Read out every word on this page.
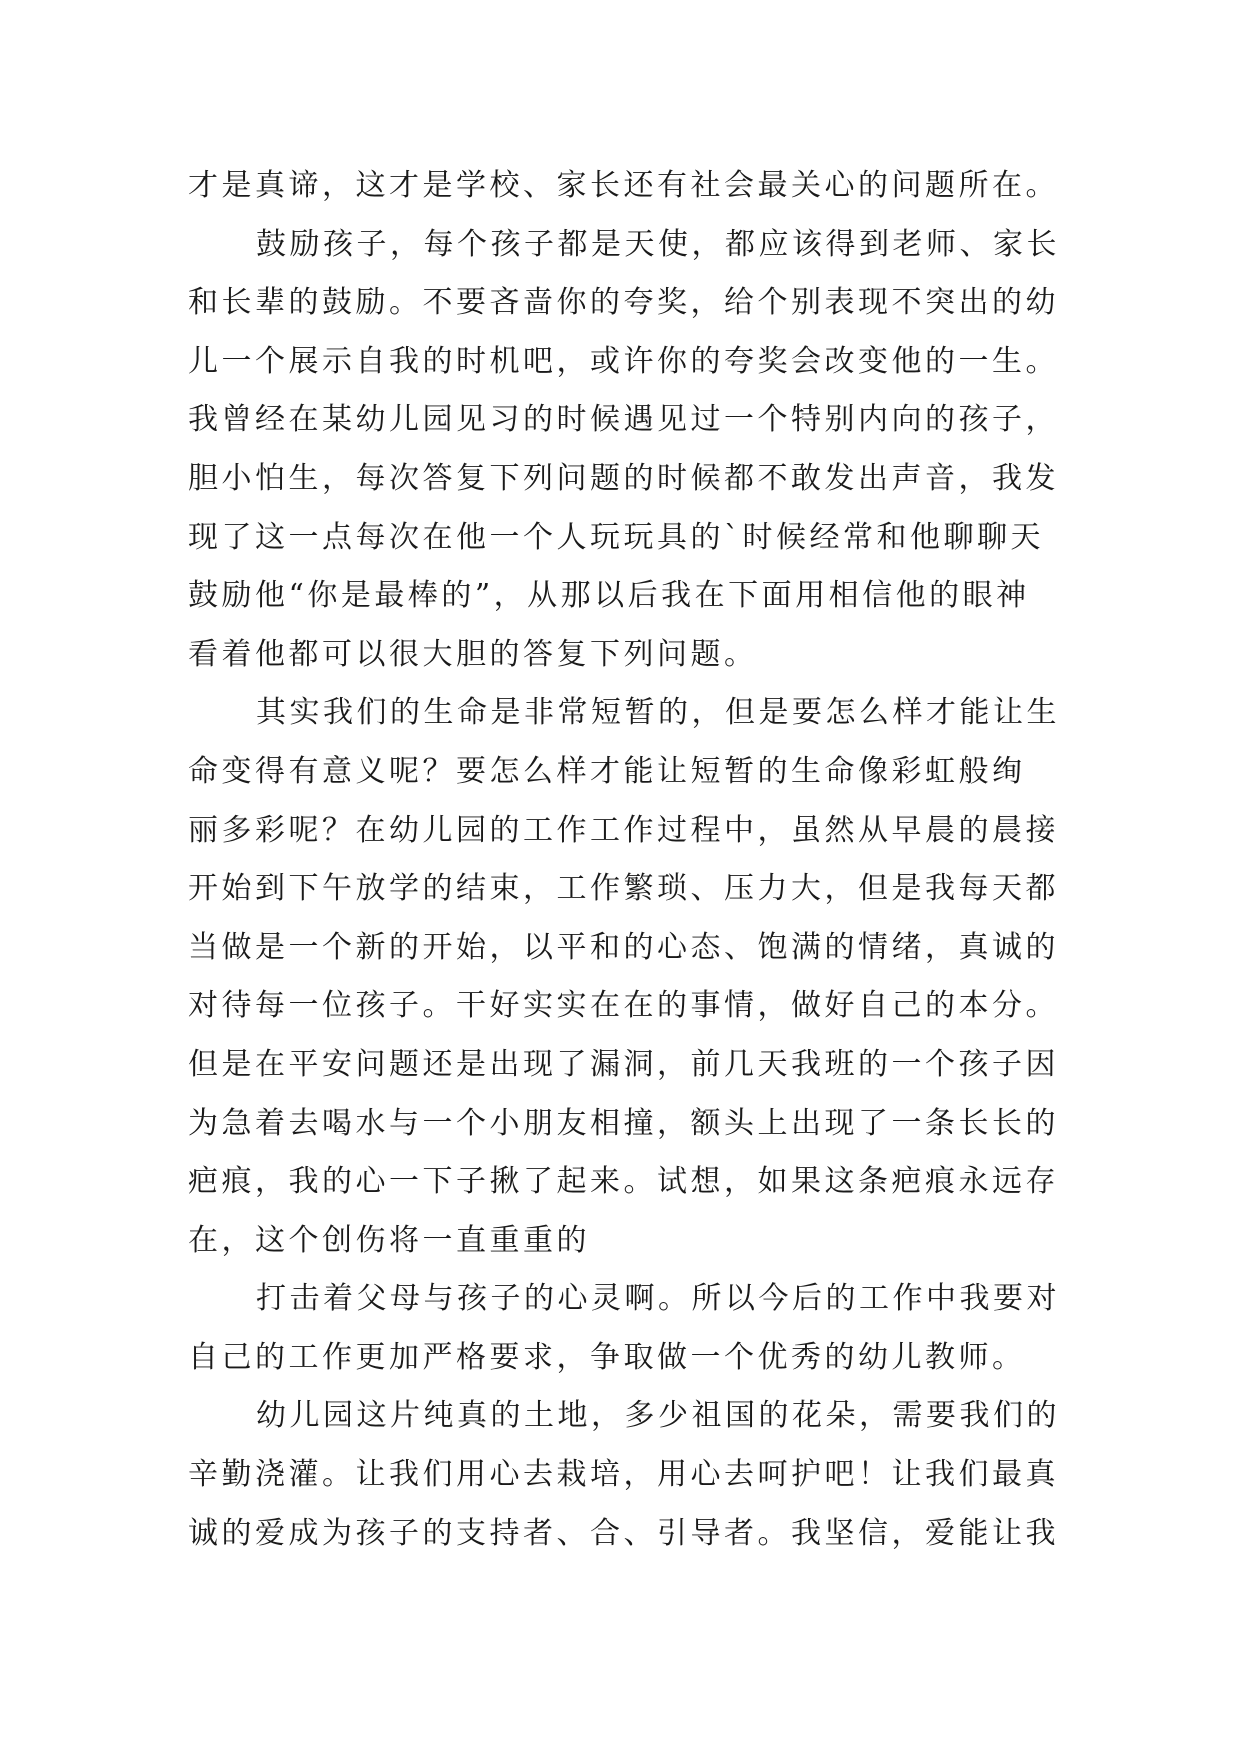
才是真谛，这才是学校、家长还有社会最关心的问题所在。
鼓励孩子，每个孩子都是天使，都应该得到老师、家长
和长辈的鼓励。不要吝啬你的夸奖，给个别表现不突出的幼
儿一个展示自我的时机吧，或许你的夸奖会改变他的一生。
我曾经在某幼儿园见习的时候遇见过一个特别内向的孩子，
胆小怕生，每次答复下列问题的时候都不敢发出声音，我发
现了这一点每次在他一个人玩玩具的`时候经常和他聊聊天
鼓励他“你是最棒的”，从那以后我在下面用相信他的眼神
看着他都可以很大胆的答复下列问题。
其实我们的生命是非常短暂的，但是要怎么样才能让生
命变得有意义呢？要怎么样才能让短暂的生命像彩虹般绚
丽多彩呢？在幼儿园的工作工作过程中，虽然从早晨的晨接
开始到下午放学的结束，工作繁琐、压力大，但是我每天都
当做是一个新的开始，以平和的心态、饱满的情绪，真诚的
对待每一位孩子。干好实实在在的事情，做好自己的本分。
但是在平安问题还是出现了漏洞，前几天我班的一个孩子因
为急着去喝水与一个小朋友相撞，额头上出现了一条长长的
疤痕，我的心一下子揪了起来。试想，如果这条疤痕永远存
在，这个创伤将一直重重的
打击着父母与孩子的心灵啊。所以今后的工作中我要对
自己的工作更加严格要求，争取做一个优秀的幼儿教师。
幼儿园这片纯真的土地，多少祖国的花朵，需要我们的
辛勤浇灌。让我们用心去栽培，用心去呵护吧！让我们最真
诚的爱成为孩子的支持者、合、引导者。我坚信，爱能让我
